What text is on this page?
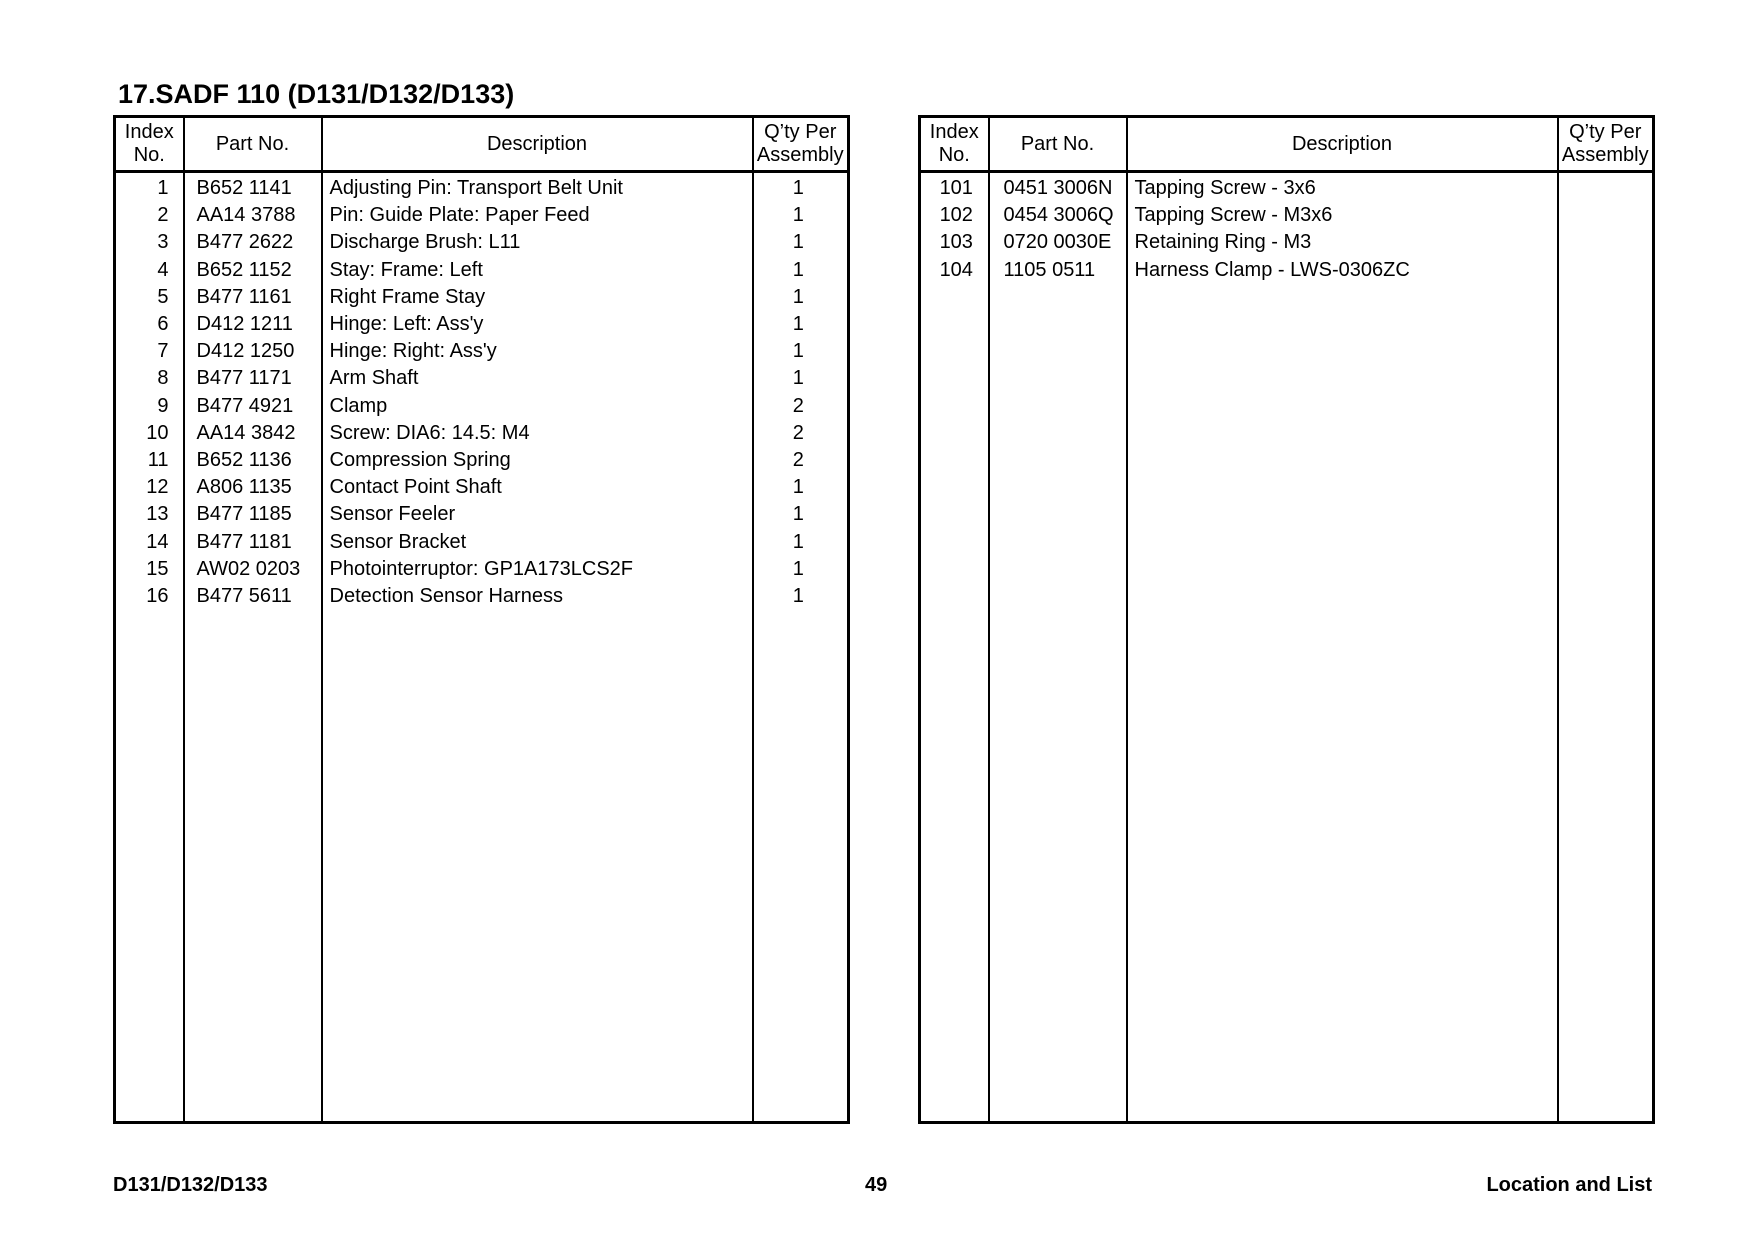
17.SADF 110 (D131/D132/D133)
Index
No.	Part No.	Description	Q’ty Per
Assembly
1	B652 1141	Adjusting Pin: Transport Belt Unit	1
2	AA14 3788	Pin: Guide Plate: Paper Feed	1
3	B477 2622	Discharge Brush: L11	1
4	B652 1152	Stay: Frame: Left	1
5	B477 1161	Right Frame Stay	1
6	D412 1211	Hinge: Left: Ass'y	1
7	D412 1250	Hinge: Right: Ass'y	1
8	B477 1171	Arm Shaft	1
9	B477 4921	Clamp	2
10	AA14 3842	Screw: DIA6: 14.5: M4	2
11	B652 1136	Compression Spring	2
12	A806 1135	Contact Point Shaft	1
13	B477 1185	Sensor Feeler	1
14	B477 1181	Sensor Bracket	1
15	AW02 0203	Photointerruptor: GP1A173LCS2F	1
16	B477 5611	Detection Sensor Harness	1

Index
No.	Part No.	Description	Q’ty Per
Assembly
101	0451 3006N	Tapping Screw - 3x6	
102	0454 3006Q	Tapping Screw - M3x6	
103	0720 0030E	Retaining Ring - M3	
104	1105 0511	Harness Clamp - LWS-0306ZC	

D131/D132/D133	49	Location and List
